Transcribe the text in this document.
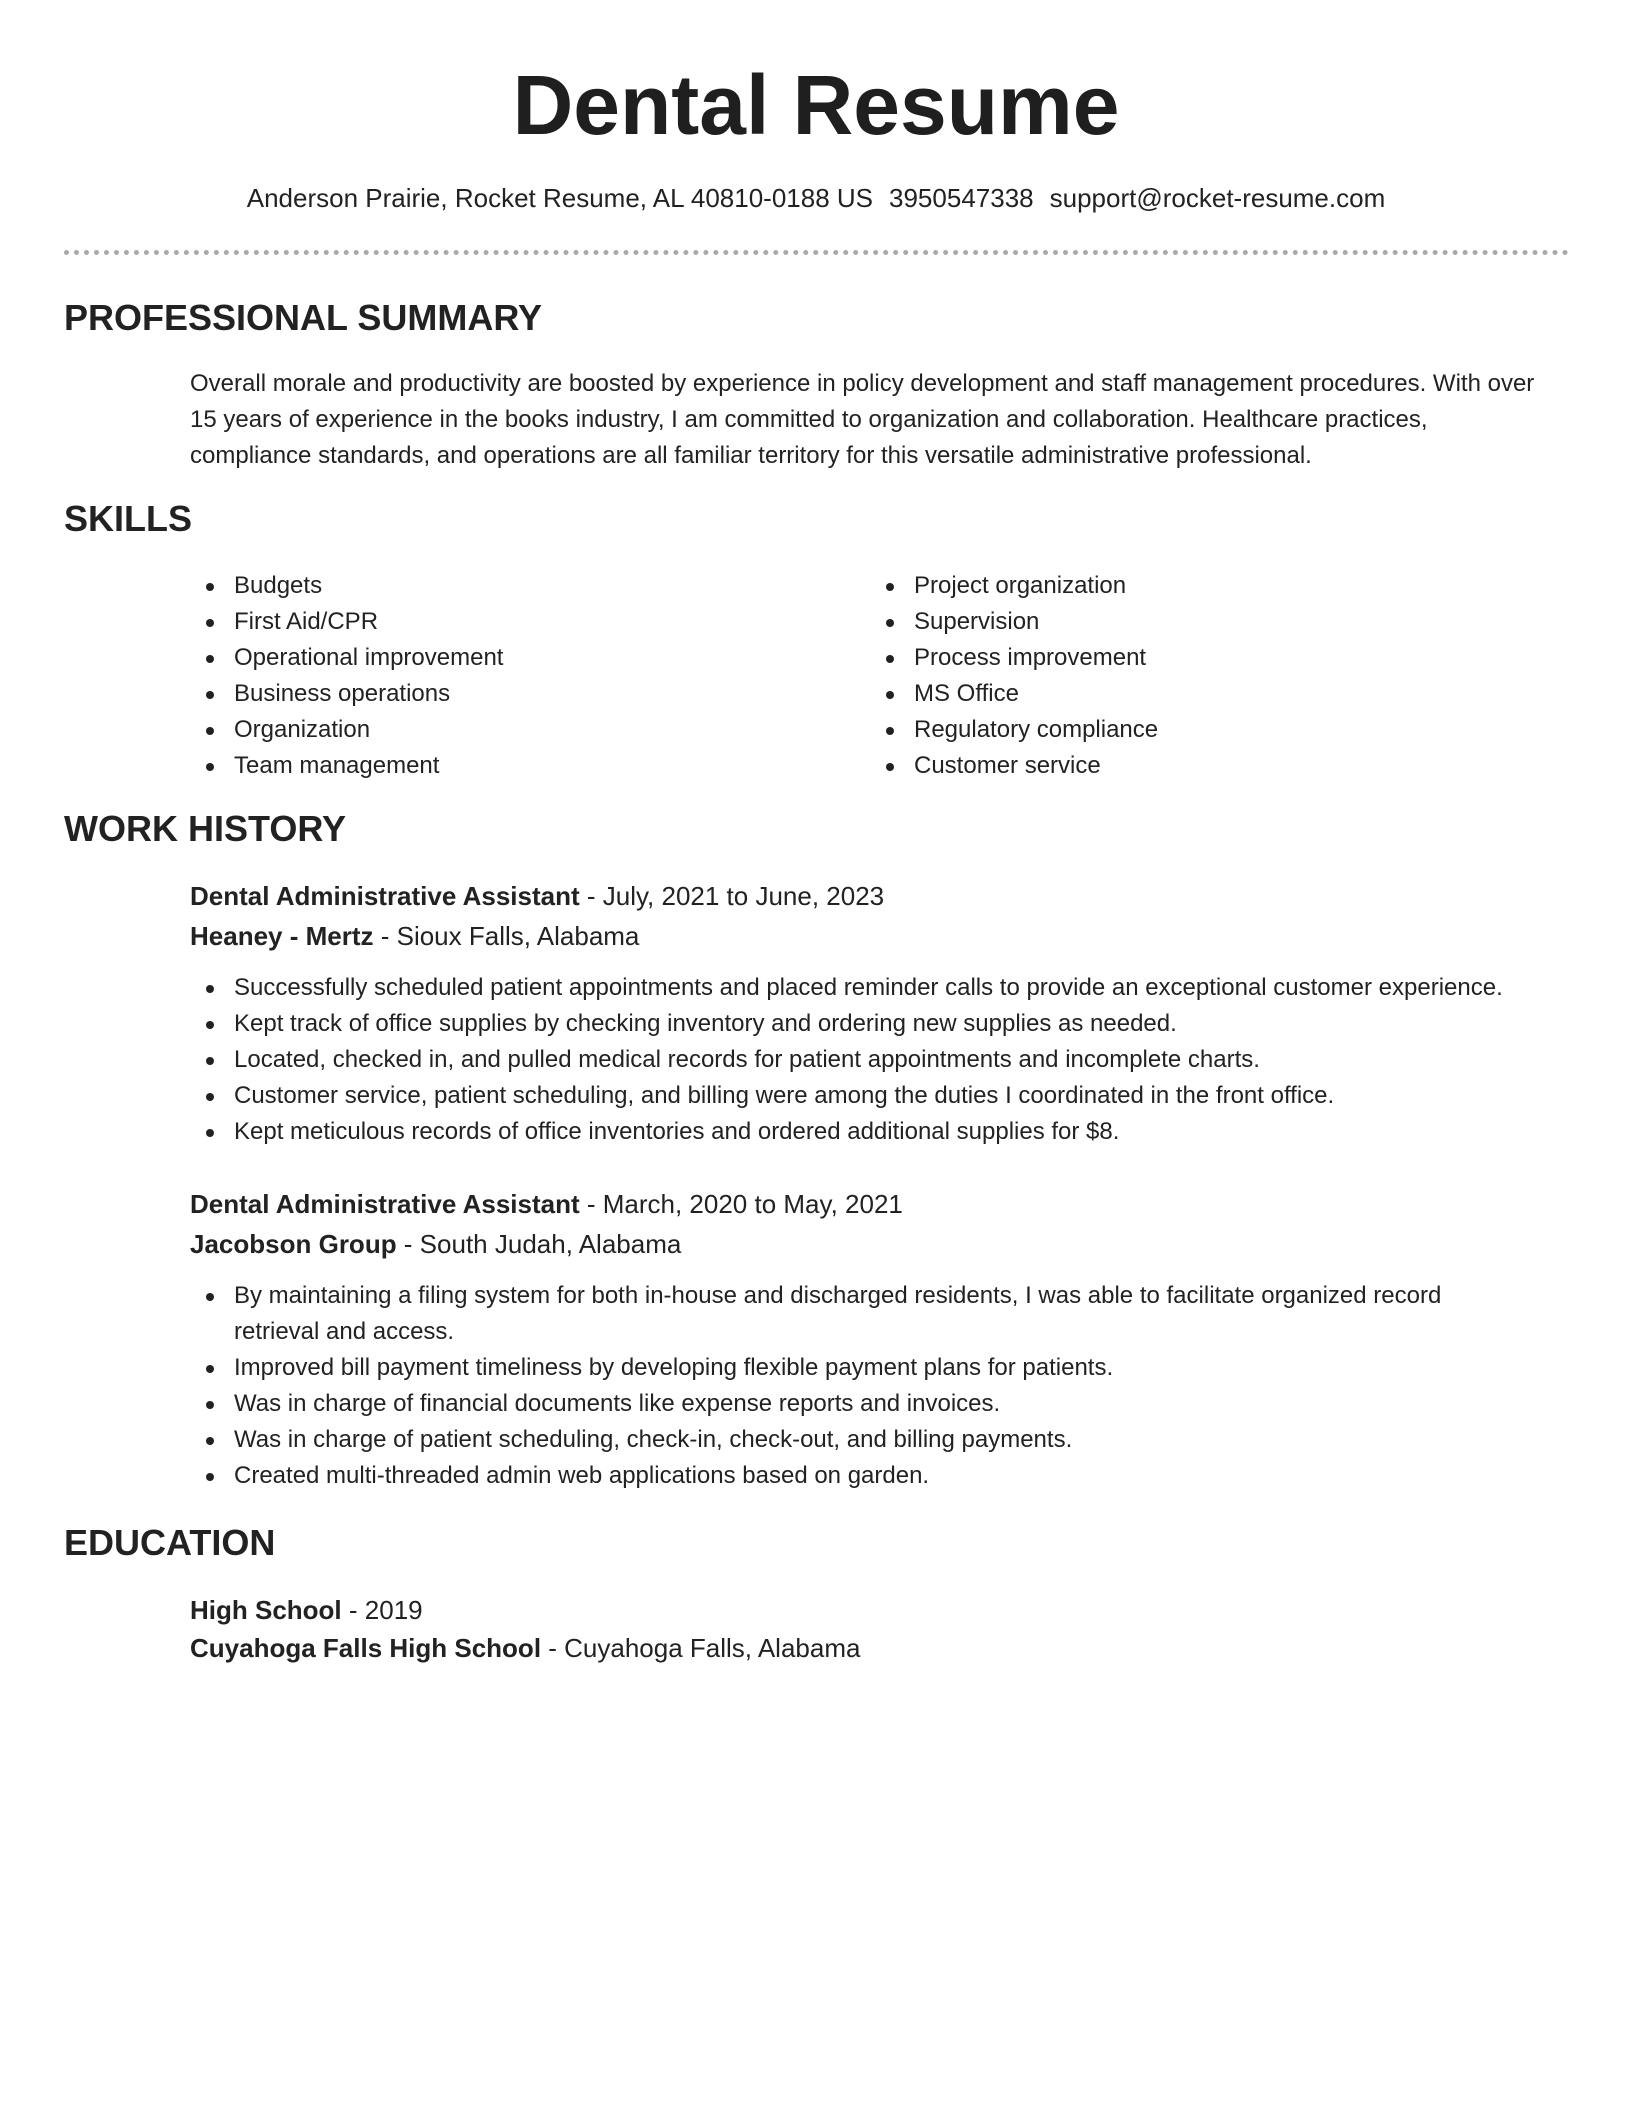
Dental Resume
Anderson Prairie, Rocket Resume, AL 40810-0188 US 3950547338 support@rocket-resume.com
PROFESSIONAL SUMMARY

Overall morale and productivity are boosted by experience in policy development and staff management procedures. With over 15 years of experience in the books industry, I am committed to organization and collaboration. Healthcare practices, compliance standards, and operations are all familiar territory for this versatile administrative professional.

SKILLS
Budgets
First Aid/CPR
Operational improvement
Business operations
Organization
Team management
Project organization
Supervision
Process improvement
MS Office
Regulatory compliance
Customer service
WORK HISTORY
Dental Administrative Assistant - July, 2021 to June, 2023
Heaney - Mertz - Sioux Falls, Alabama
Successfully scheduled patient appointments and placed reminder calls to provide an exceptional customer experience.
Kept track of office supplies by checking inventory and ordering new supplies as needed.
Located, checked in, and pulled medical records for patient appointments and incomplete charts.
Customer service, patient scheduling, and billing were among the duties I coordinated in the front office.
Kept meticulous records of office inventories and ordered additional supplies for $8.
Dental Administrative Assistant - March, 2020 to May, 2021
Jacobson Group - South Judah, Alabama
By maintaining a filing system for both in-house and discharged residents, I was able to facilitate organized record retrieval and access.
Improved bill payment timeliness by developing flexible payment plans for patients.
Was in charge of financial documents like expense reports and invoices.
Was in charge of patient scheduling, check-in, check-out, and billing payments.
Created multi-threaded admin web applications based on garden.
EDUCATION
High School - 2019
Cuyahoga Falls High School - Cuyahoga Falls, Alabama
